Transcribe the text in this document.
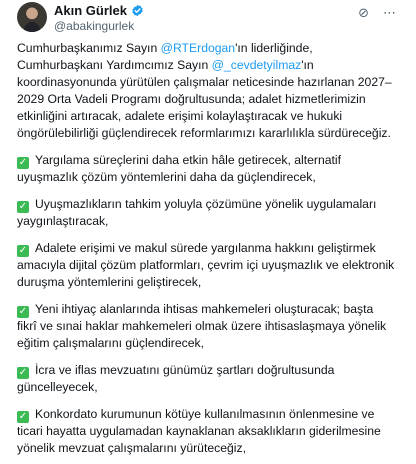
Akın Gürlek
@abakingurlek
⊘ ⋯

Cumhurbaşkanımız Sayın @RTErdogan'ın liderliğinde, Cumhurbaşkanı Yardımcımız Sayın @_cevdetyilmaz'ın koordinasyonunda yürütülen çalışmalar neticesinde hazırlanan 2027–2029 Orta Vadeli Programı doğrultusunda; adalet hizmetlerimizin etkinliğini artıracak, adalete erişimi kolaylaştıracak ve hukuki öngörülebilirliği güçlendirecek reformlarımızı kararlılıkla sürdüreceğiz.

✓ Yargılama süreçlerini daha etkin hâle getirecek, alternatif uyuşmazlık çözüm yöntemlerini daha da güçlendirecek,

✓ Uyuşmazlıkların tahkim yoluyla çözümüne yönelik uygulamaları yaygınlaştıracak,

✓ Adalete erişimi ve makul sürede yargılanma hakkını geliştirmek amacıyla dijital çözüm platformları, çevrim içi uyuşmazlık ve elektronik duruşma yöntemlerini geliştirecek,

✓ Yeni ihtiyaç alanlarında ihtisas mahkemeleri oluşturacak; başta fikrî ve sınai haklar mahkemeleri olmak üzere ihtisaslaşmaya yönelik eğitim çalışmalarını güçlendirecek,

✓ İcra ve iflas mevzuatını günümüz şartları doğrultusunda güncelleyecek,

✓ Konkordato kurumunun kötüye kullanılmasının önlenmesine ve ticari hayatta uygulamadan kaynaklanan aksaklıkların giderilmesine yönelik mevzuat çalışmalarını yürüteceğiz,
